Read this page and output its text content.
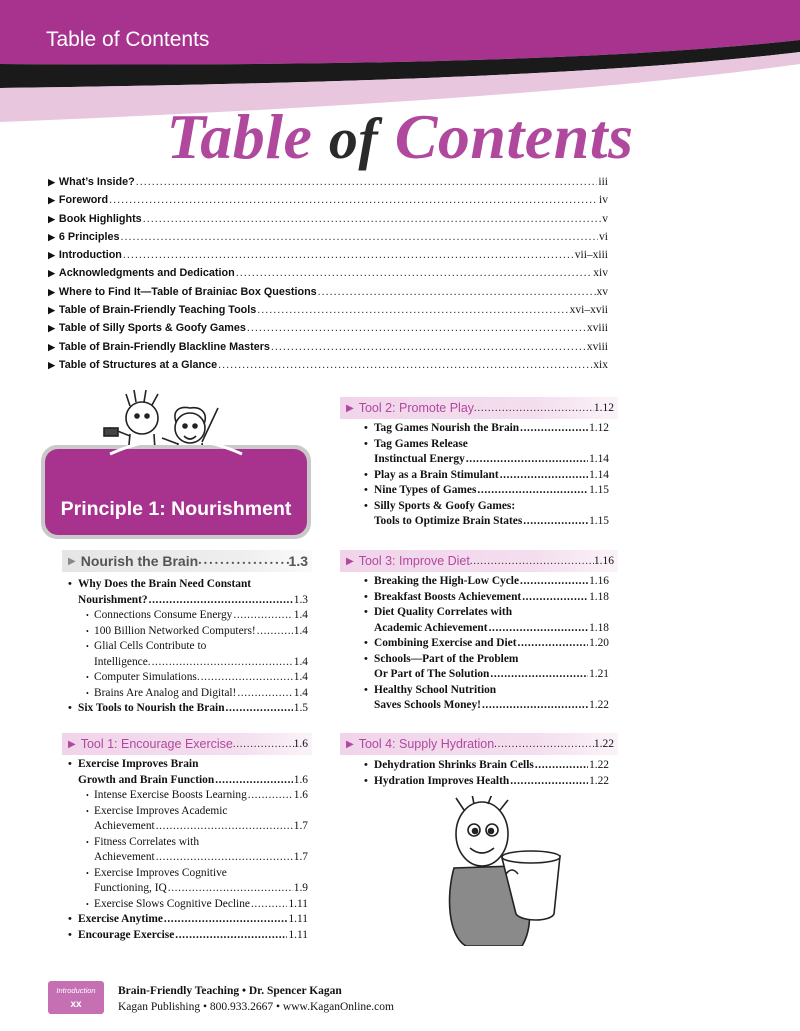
Table of Contents
Table of Contents
▶ What’s Inside? .....	iii
▶ Foreword .....	iv
▶ Book Highlights .....	v
▶ 6 Principles .....	vi
▶ Introduction .....	vii–xiii
▶ Acknowledgments and Dedication .....	xiv
▶ Where to Find It—Table of Brainiac Box Questions .....	xv
▶ Table of Brain-Friendly Teaching Tools .....	xvi–xvii
▶ Table of Silly Sports & Goofy Games .....	xviii
▶ Table of Brain-Friendly Blackline Masters .....	xviii
▶ Table of Structures at a Glance .....	xix
Principle 1: Nourishment
▶ Nourish the Brain .....	1.3
• Why Does the Brain Need Constant
Nourishment? .....	1.3
• Connections Consume Energy .....	1.4
• 100 Billion Networked Computers! .....	1.4
• Glial Cells Contribute to
Intelligence. .....	1.4
• Computer Simulations. .....	1.4
• Brains Are Analog and Digital! .....	1.4
• Six Tools to Nourish the Brain .....	1.5
▶ Tool 1: Encourage Exercise .....	1.6
• Exercise Improves Brain
Growth and Brain Function .....	1.6
• Intense Exercise Boosts Learning .....	1.6
• Exercise Improves Academic
Achievement .....	1.7
• Fitness Correlates with
Achievement .....	1.7
• Exercise Improves Cognitive
Functioning, IQ .....	1.9
• Exercise Slows Cognitive Decline .....	1.11
• Exercise Anytime .....	1.11
• Encourage Exercise .....	1.11
▶ Tool 2: Promote Play .....	1.12
• Tag Games Nourish the Brain .....	1.12
• Tag Games Release
Instinctual Energy .....	1.14
• Play as a Brain Stimulant .....	1.14
• Nine Types of Games .....	1.15
• Silly Sports & Goofy Games:
Tools to Optimize Brain States .....	1.15
▶ Tool 3: Improve Diet .....	1.16
• Breaking the High-Low Cycle .....	1.16
• Breakfast Boosts Achievement .....	1.18
• Diet Quality Correlates with
Academic Achievement .....	1.18
• Combining Exercise and Diet .....	1.20
• Schools—Part of the Problem
Or Part of The Solution .....	1.21
• Healthy School Nutrition
Saves Schools Money! .....	1.22
▶ Tool 4: Supply Hydration .....	1.22
• Dehydration Shrinks Brain Cells .....	1.22
• Hydration Improves Health .....	1.22
Introduction
xx
Brain-Friendly Teaching • Dr. Spencer Kagan
Kagan Publishing • 800.933.2667 • www.KaganOnline.com
